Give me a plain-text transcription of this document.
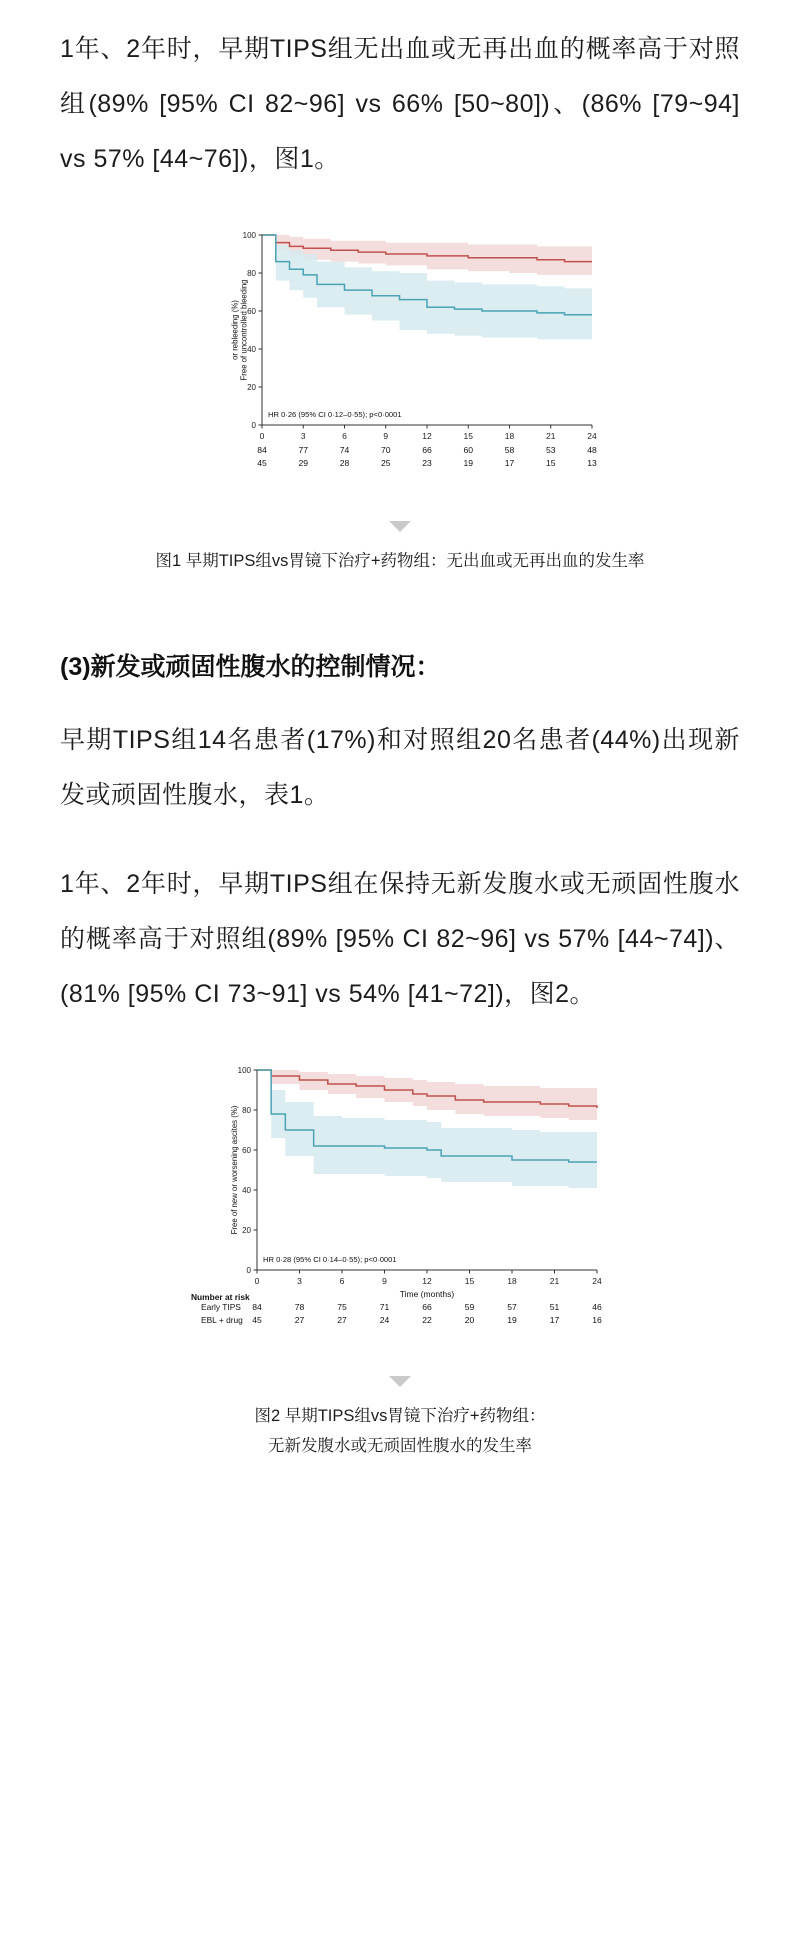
1年、2年时，早期TIPS组无出血或无再出血的概率高于对照组(89% [95% CI 82~96] vs 66% [50~80])、(86% [79~94] vs 57% [44~76])，图1。

0
20
40
60
80
100
0	3	6	9	12	15	18	21	24
HR 0·26 (95% CI 0·12–0·55); p<0·0001
Free of uncontrolled bleeding
or rebleeding (%)
84	77	74	70	66	60	58	53	48
45	29	28	25	23	19	17	15	13
图1 早期TIPS组vs胃镜下治疗+药物组：无出血或无再出血的发生率
(3)新发或顽固性腹水的控制情况：

早期TIPS组14名患者(17%)和对照组20名患者(44%)出现新发或顽固性腹水，表1。

1年、2年时，早期TIPS组在保持无新发腹水或无顽固性腹水的概率高于对照组(89% [95% CI 82~96] vs 57% [44~74])、(81% [95% CI 73~91] vs 54% [41~72])，图2。

0
20
40
60
80
100
0	3	6	9	12	15	18	21	24
HR 0·28 (95% CI 0·14–0·55); p<0·0001
Time (months)
Free of new or worsening ascites (%)
Number at risk
Early TIPS 84	78	75	71	66	59	57	51	46
EBL + drug 45	27	27	24	22	20	19	17	16
图2 早期TIPS组vs胃镜下治疗+药物组：
无新发腹水或无顽固性腹水的发生率
